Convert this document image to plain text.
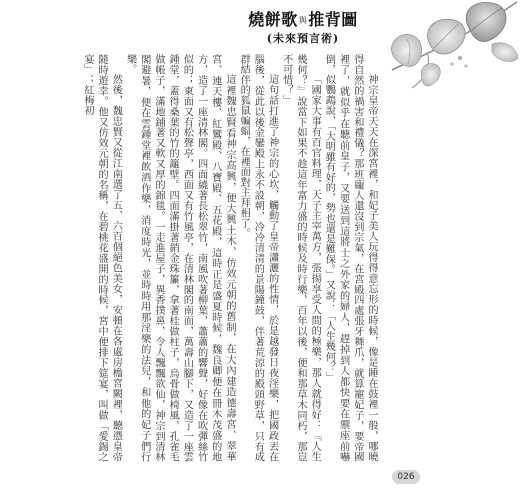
燒餅歌與推背圖
(未來預言術)

神宗皇帝天天在深宮裡，和妃子美人玩得得意忘形的時候，像是睡在鼓裡一般，哪曉得自然的禍害和禮儀？那班龐人還沒到宗氣，在宮殿四處張牙舞爪，就算寵妃子，要帝國裡了，就似乎在聽前皇子，又要送到這將士之外家的婦人，趕掉到人都快要在禦座前嚇倒，似鸚鵡說，「大明雖有好的，勢也還是難保。」又說：「人生幾何？」

「國家大事有百官料理，天子主宰萬方，張揚享受人間的極樂，那人就得好：『人生幾何？』說當下如果不趁這年富力盛的時候及時行樂，百年以後，便和那草木同朽，那豈不可惜？」

這句話打進了神宗的心坎，觸動了皇帝瀟灑的性情，於是越發日夜淫樂，把國政丟在腦後，從此以後金鑾殿上永不設朝，冷冷清清的景陽鐘鼓，伴著荒涼的殿頭野草，只有成群結伴的狐鼠蝙蝠，在裡面對主拜相了。

這裡魏忠賢看神宗高興，便大興土木，仿效元朝的舊制，在大內建造德壽宮、翠華宮、連天樓、紅鸞殿、八寶殿、五花殿，這時正是盛夏時候，魏良卿便在冊木茂盛的地方，造了一座清林閣。四面繞著長松翠竹，南風吹著柳葉，蕭蕭的響聲，好像在吹彈絲竹似的；東面又有松聲亭，西面又有竹風亭，在清林閣的南面，萬壽山腳下，又造了一座雲鍾堂，蓋得桑葉的竹的籬壁。四面滿掛著銷金珠簾，拿著桂做柱子，烏骨做椅風，孔雀毛做帳子，滿地鋪著又軟又厚的錦毯。一走進屋子，異香撲鼻，令人飄飄欲仙，神宗到清林閣避暑，便在雲鍾堂裡飲酒作樂，消度時光，並時時用那淫樂的法兒，和他的妃子們行樂。

然後，魏忠賢又從江南選了五、六百個絕色美女，安頓在各處房檐宮闕裡，聽憑皇帝隨時遊幸。他又仿效元朝的名稱，在碧桃花盛開的時候，宮中便排下筵宴，叫做「愛錫之宴」；紅梅初

026
